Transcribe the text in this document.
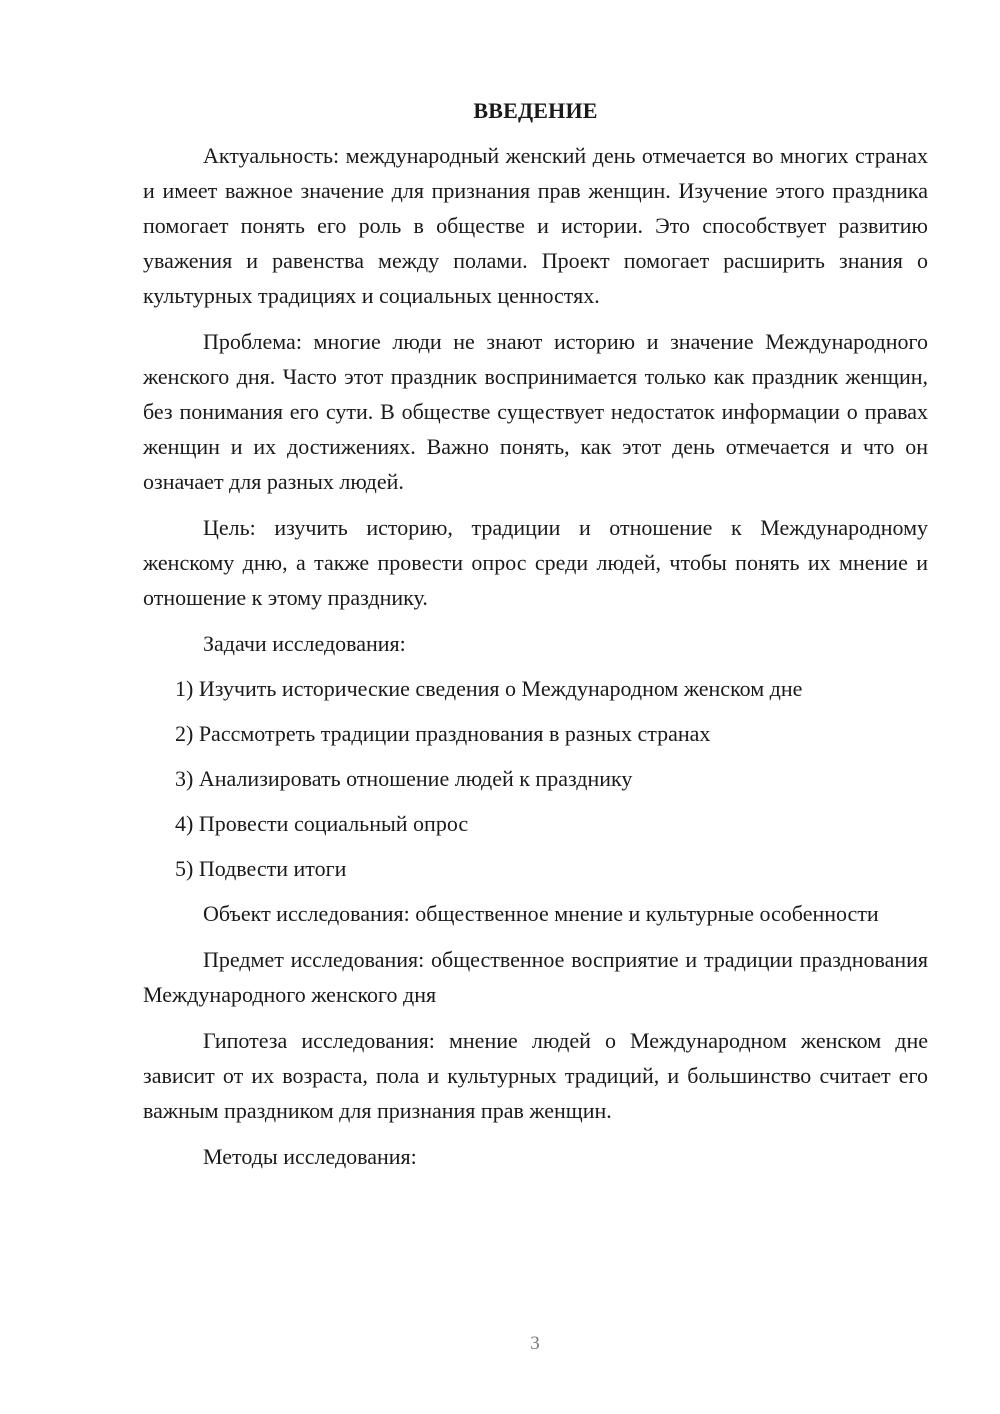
ВВЕДЕНИЕ

Актуальность: международный женский день отмечается во многих странах и имеет важное значение для признания прав женщин. Изучение этого праздника помогает понять его роль в обществе и истории. Это способствует развитию уважения и равенства между полами. Проект помогает расширить знания о культурных традициях и социальных ценностях.

Проблема: многие люди не знают историю и значение Международного женского дня. Часто этот праздник воспринимается только как праздник женщин, без понимания его сути. В обществе существует недостаток информации о правах женщин и их достижениях. Важно понять, как этот день отмечается и что он означает для разных людей.

Цель: изучить историю, традиции и отношение к Международному женскому дню, а также провести опрос среди людей, чтобы понять их мнение и отношение к этому празднику.

Задачи исследования:

1) Изучить исторические сведения о Международном женском дне
2) Рассмотреть традиции празднования в разных странах
3) Анализировать отношение людей к празднику
4) Провести социальный опрос
5) Подвести итоги

Объект исследования: общественное мнение и культурные особенности

Предмет исследования: общественное восприятие и традиции празднования Международного женского дня

Гипотеза исследования: мнение людей о Международном женском дне зависит от их возраста, пола и культурных традиций, и большинство считает его важным праздником для признания прав женщин.

Методы исследования:

3
